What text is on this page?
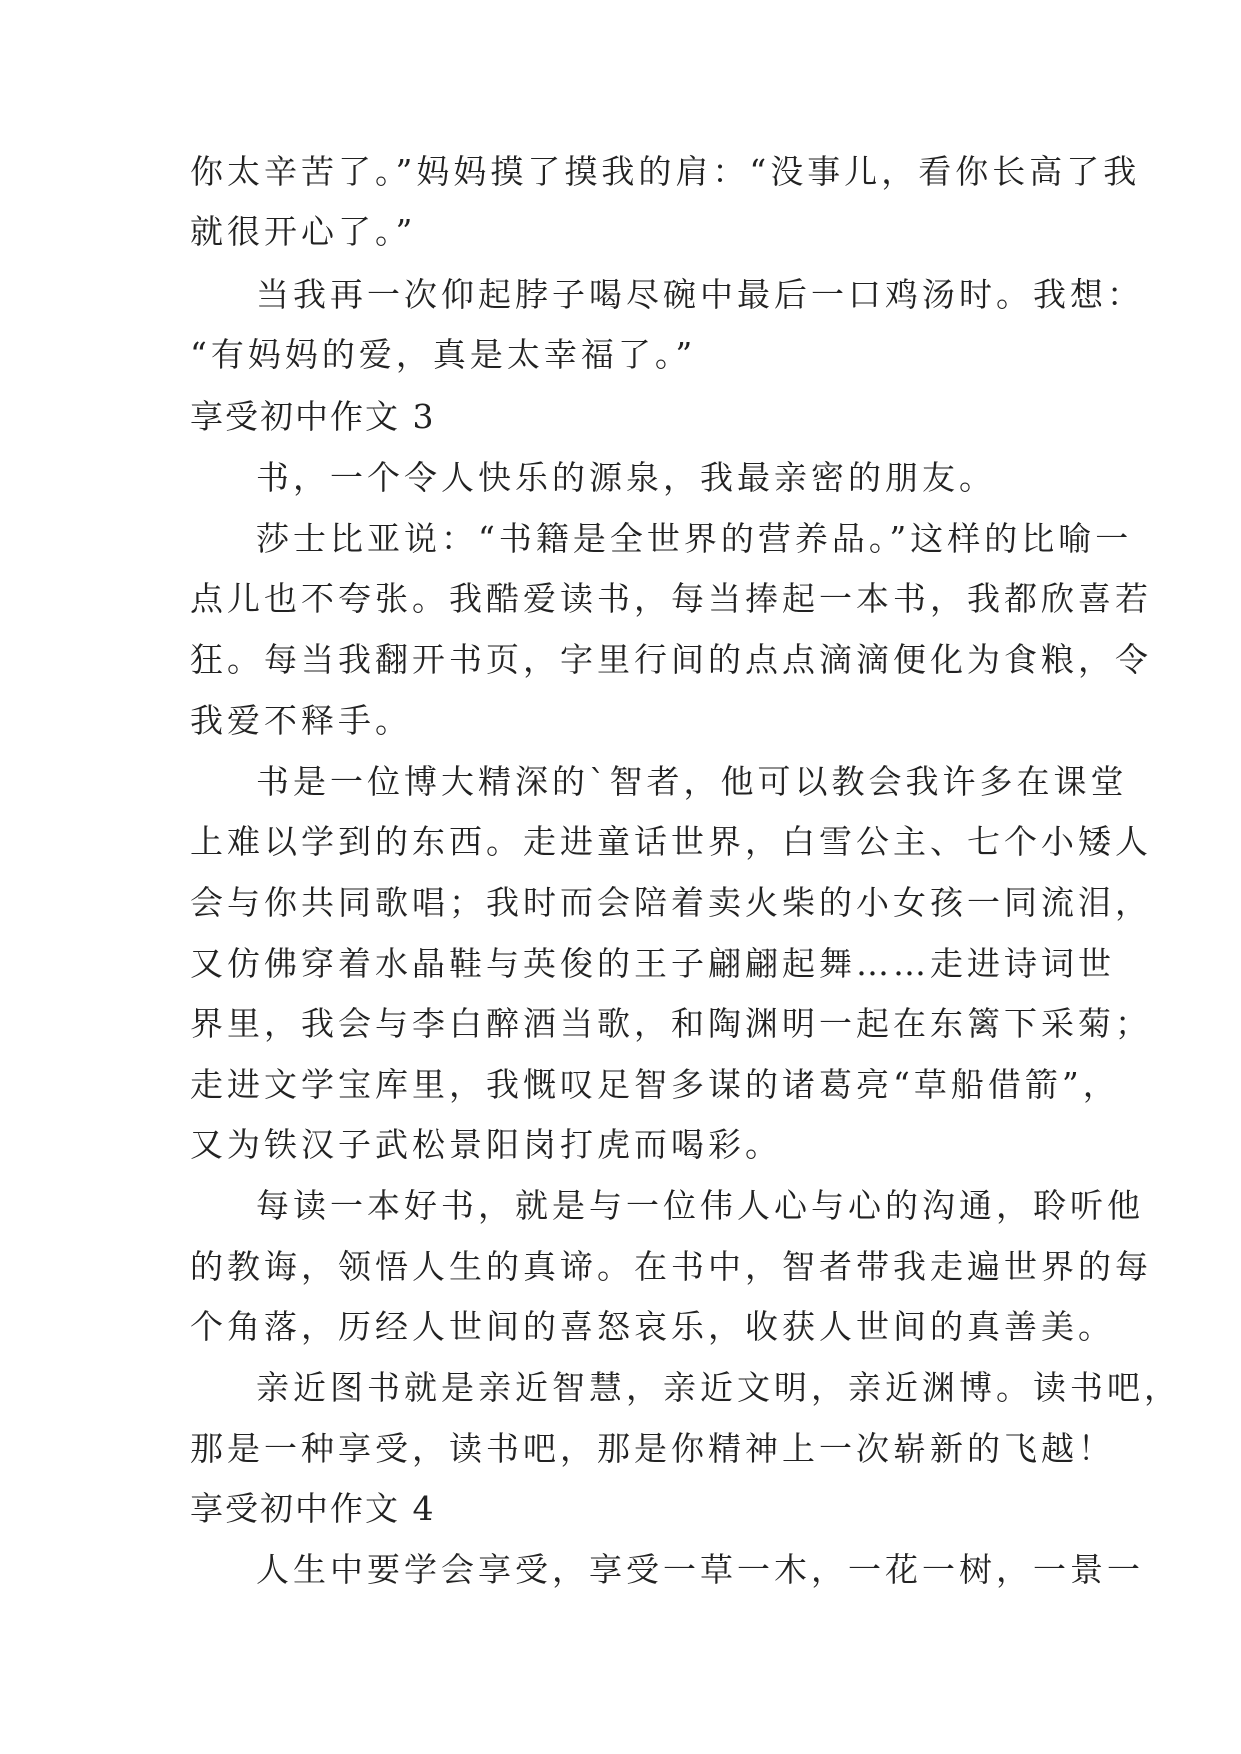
你太辛苦了。”妈妈摸了摸我的肩：“没事儿，看你长高了我
就很开心了。”
当我再一次仰起脖子喝尽碗中最后一口鸡汤时。我想：
“有妈妈的爱，真是太幸福了。”
享受初中作文 3
书，一个令人快乐的源泉，我最亲密的朋友。
莎士比亚说：“书籍是全世界的营养品。”这样的比喻一
点儿也不夸张。我酷爱读书，每当捧起一本书，我都欣喜若
狂。每当我翻开书页，字里行间的点点滴滴便化为食粮，令
我爱不释手。
书是一位博大精深的`智者，他可以教会我许多在课堂
上难以学到的东西。走进童话世界，白雪公主、七个小矮人
会与你共同歌唱；我时而会陪着卖火柴的小女孩一同流泪，
又仿佛穿着水晶鞋与英俊的王子翩翩起舞……走进诗词世
界里，我会与李白醉酒当歌，和陶渊明一起在东篱下采菊；
走进文学宝库里，我慨叹足智多谋的诸葛亮“草船借箭”，
又为铁汉子武松景阳岗打虎而喝彩。
每读一本好书，就是与一位伟人心与心的沟通，聆听他
的教诲，领悟人生的真谛。在书中，智者带我走遍世界的每
个角落，历经人世间的喜怒哀乐，收获人世间的真善美。
亲近图书就是亲近智慧，亲近文明，亲近渊博。读书吧，
那是一种享受，读书吧，那是你精神上一次崭新的飞越！
享受初中作文 4
人生中要学会享受，享受一草一木，一花一树，一景一
